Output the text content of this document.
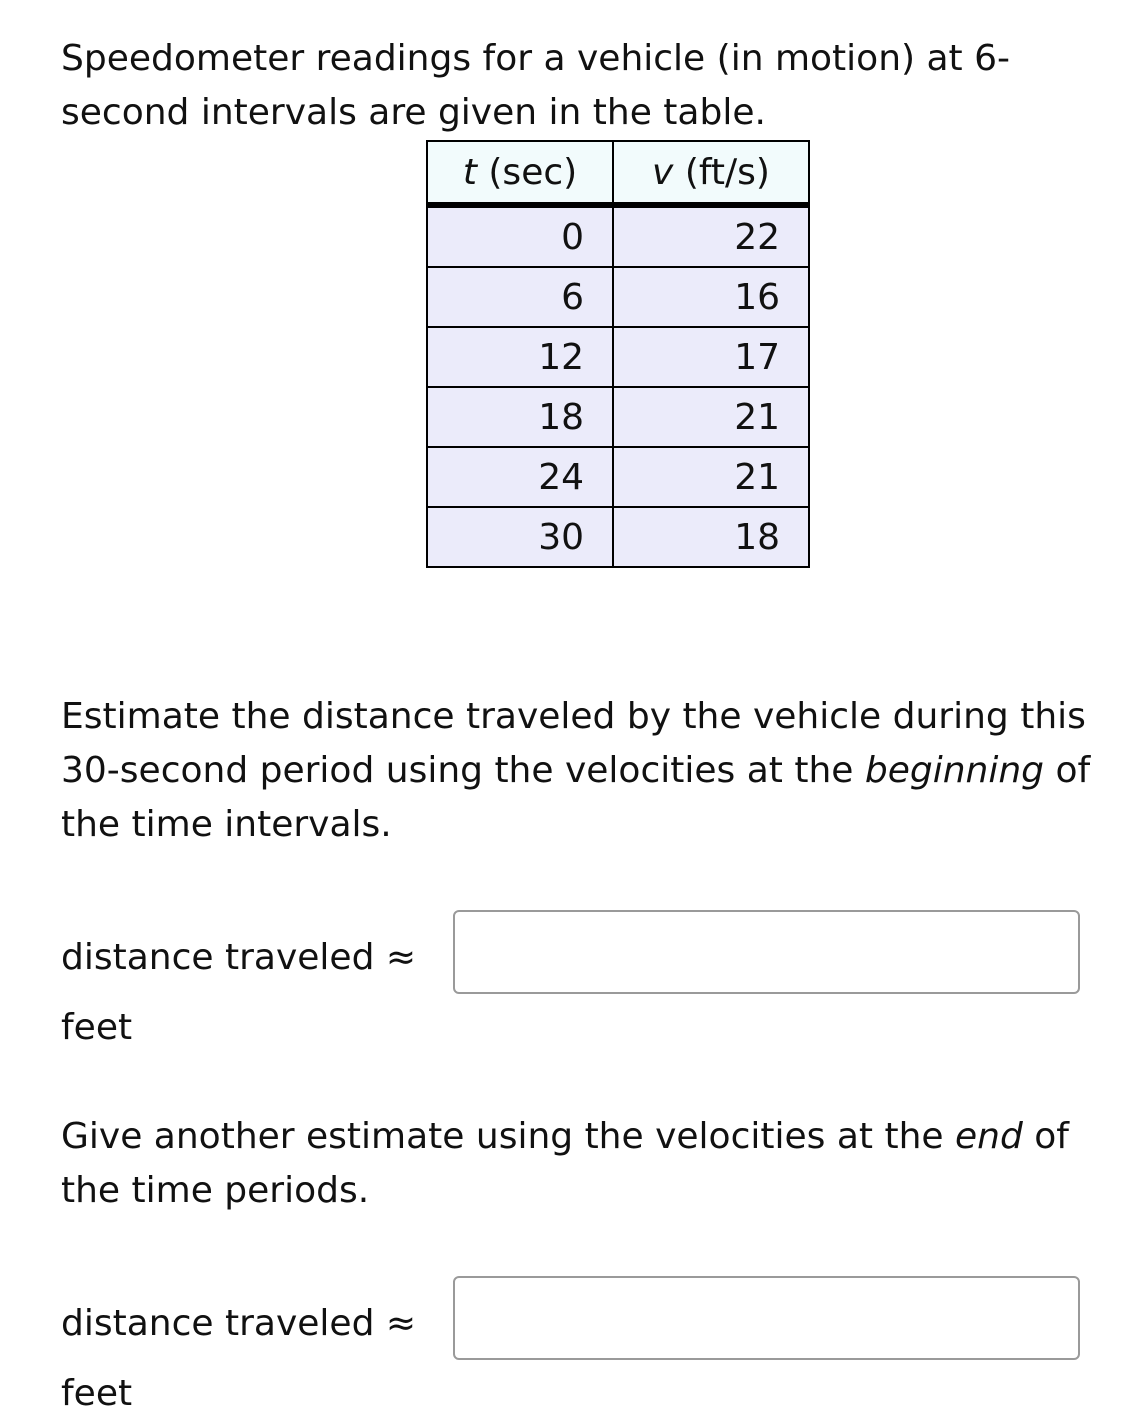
Speedometer readings for a vehicle (in motion) at 6-second intervals are given in the table.

t (sec)	v (ft/s)
0	22
6	16
12	17
18	21
24	21
30	18

Estimate the distance traveled by the vehicle during this 30-second period using the velocities at the beginning of the time intervals.

distance traveled ≈
feet

Give another estimate using the velocities at the end of the time periods.

distance traveled ≈
feet
